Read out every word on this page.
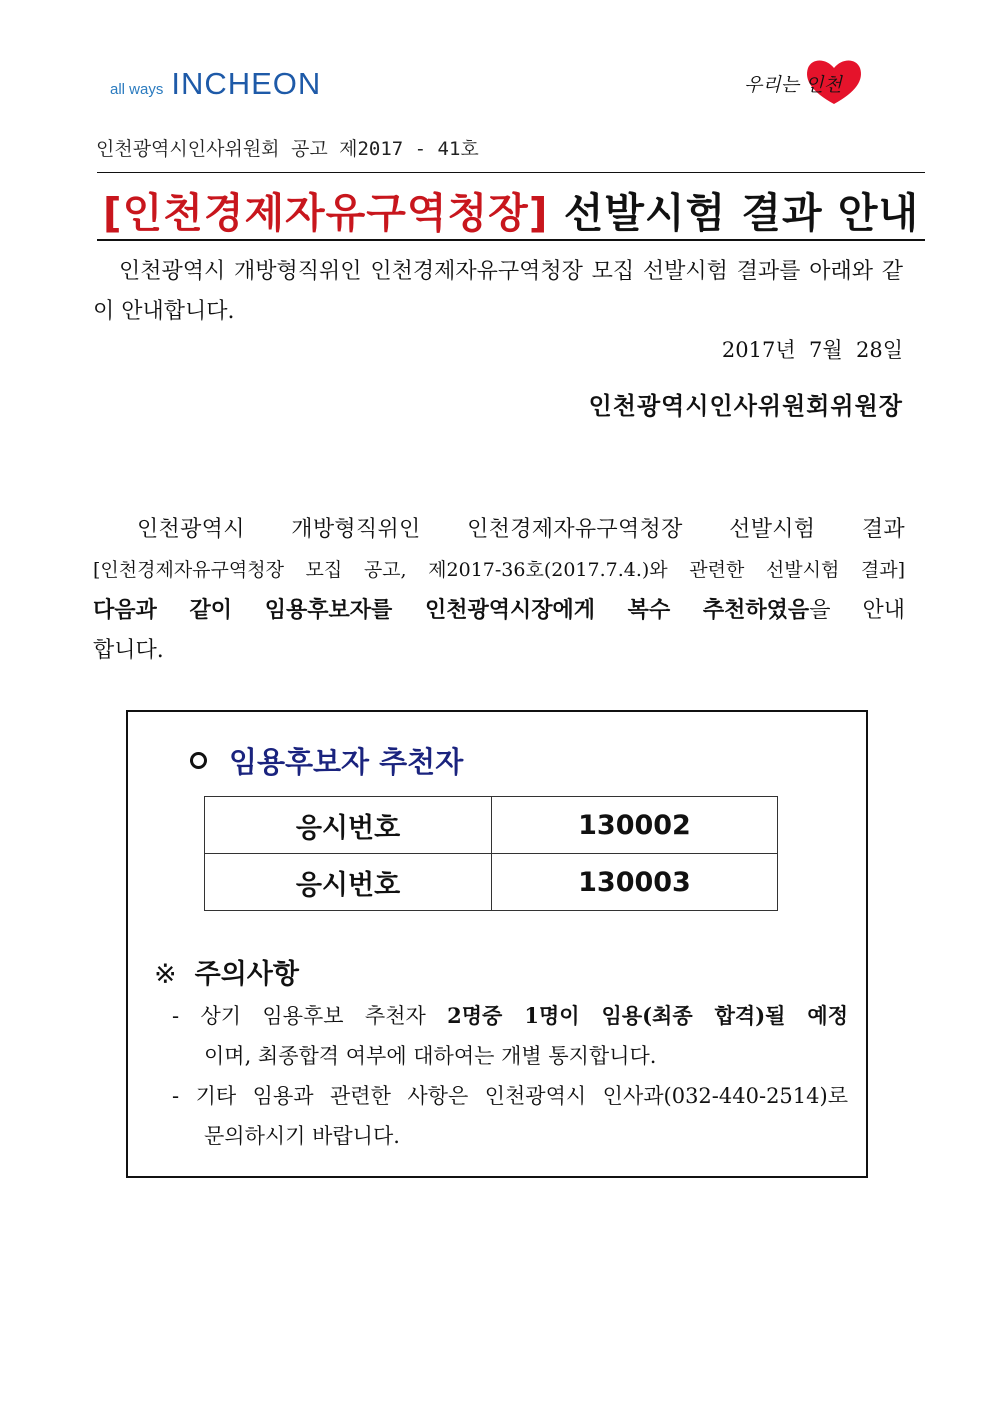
all ways INCHEON	우리는 인천
인천광역시인사위원회 공고 제2017 - 41호
[인천경제자유구역청장] 선발시험 결과 안내
인천광역시 개방형직위인 인천경제자유구역청장 모집 선발시험 결과를 아래와 같이 안내합니다.
2017년  7월  28일
인천광역시인사위원회위원장
인천광역시 개방형직위인 인천경제자유구역청장 선발시험 결과
[인천경제자유구역청장 모집 공고, 제2017-36호(2017.7.4.)와 관련한 선발시험 결과]
다음과 같이 임용후보자를 인천광역시장에게 복수 추천하였음을 안내
합니다.
임용후보자 추천자
응시번호	130002
응시번호	130003
※ 주의사항
- 상기 임용후보 추천자 2명중 1명이 임용(최종 합격)될 예정
이며, 최종합격 여부에 대하여는 개별 통지합니다.
- 기타 임용과 관련한 사항은 인천광역시 인사과(032-440-2514)로
문의하시기 바랍니다.
